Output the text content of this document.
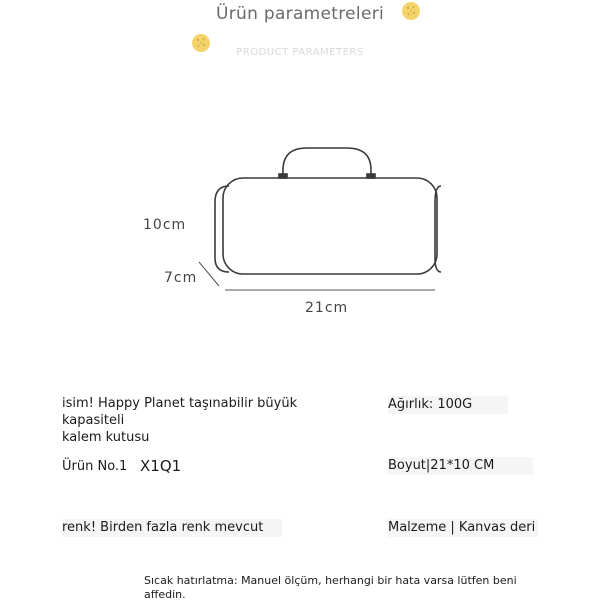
Ürün parametreleri
PRODUCT PARAMETERS
10cm
7cm
21cm
isim! Happy Planet taşınabilir büyük kapasiteli
kalem kutusu
Ağırlık: 100G
Ürün No.1 X1Q1	Boyut|21*10 CM
renk! Birden fazla renk mevcut	Malzeme | Kanvas deri
Sıcak hatırlatma: Manuel ölçüm, herhangi bir hata varsa lütfen beni
affedin.
